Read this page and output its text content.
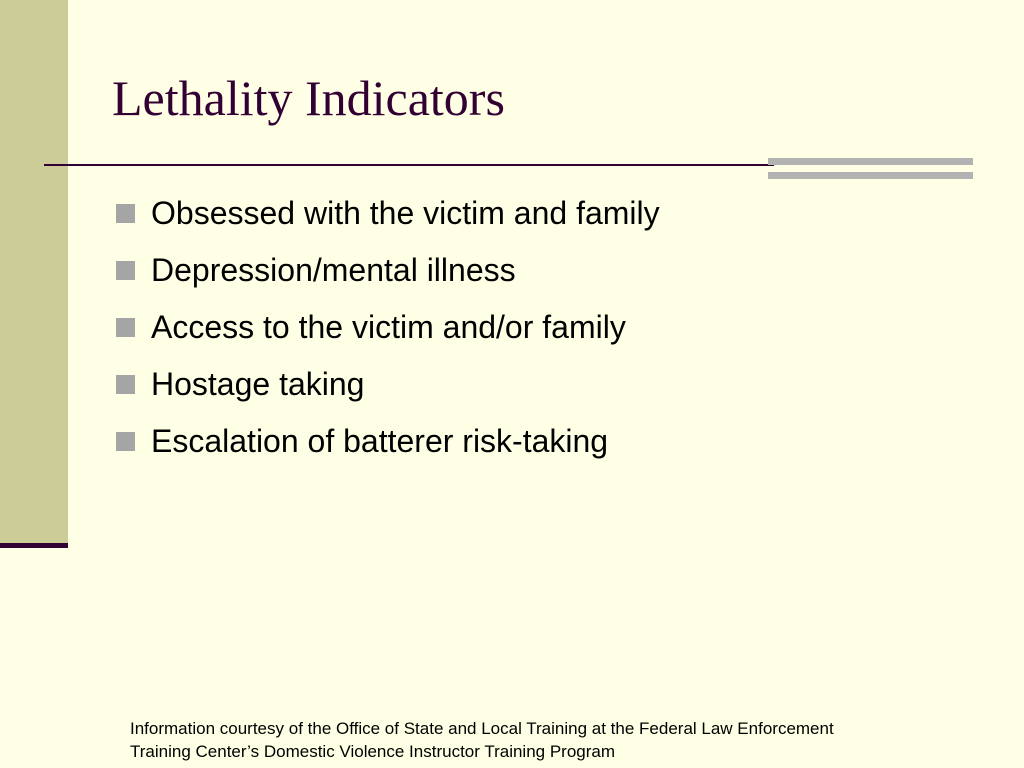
Lethality Indicators
Obsessed with the victim and family
Depression/mental illness
Access to the victim and/or family
Hostage taking
Escalation of batterer risk-taking
Information courtesy of the Office of State and Local Training at the Federal Law Enforcement
Training Center’s Domestic Violence Instructor Training Program
